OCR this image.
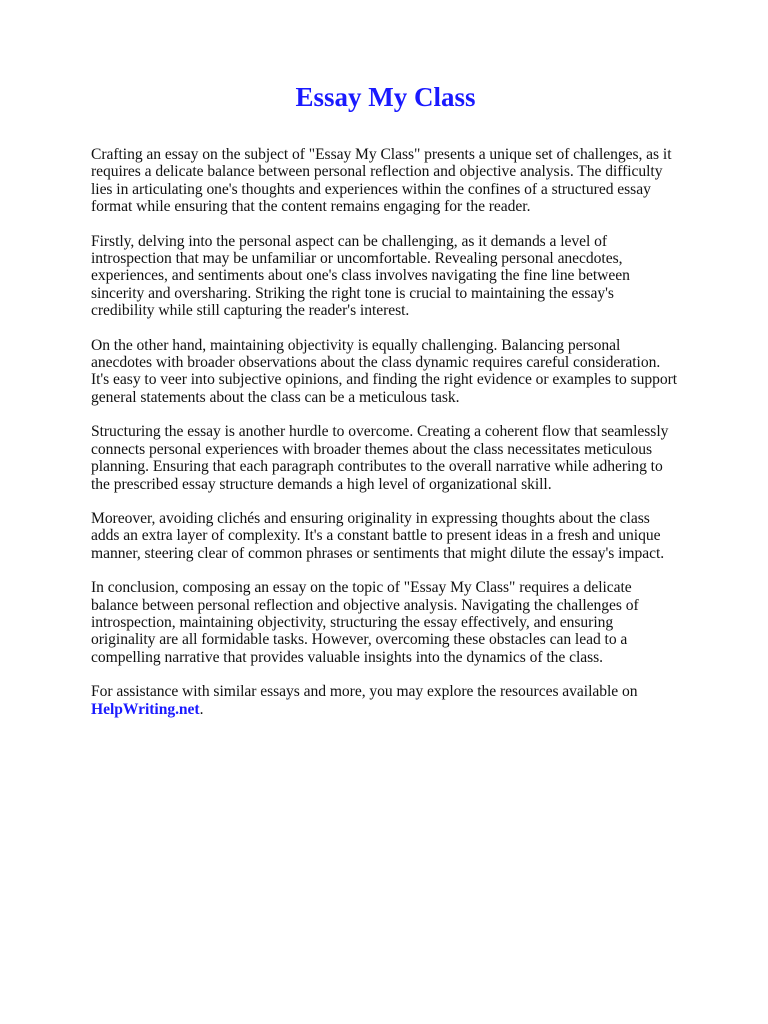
Essay My Class

Crafting an essay on the subject of "Essay My Class" presents a unique set of challenges, as it requires a delicate balance between personal reflection and objective analysis. The difficulty lies in articulating one's thoughts and experiences within the confines of a structured essay format while ensuring that the content remains engaging for the reader.

Firstly, delving into the personal aspect can be challenging, as it demands a level of introspection that may be unfamiliar or uncomfortable. Revealing personal anecdotes, experiences, and sentiments about one's class involves navigating the fine line between sincerity and oversharing. Striking the right tone is crucial to maintaining the essay's credibility while still capturing the reader's interest.

On the other hand, maintaining objectivity is equally challenging. Balancing personal anecdotes with broader observations about the class dynamic requires careful consideration. It's easy to veer into subjective opinions, and finding the right evidence or examples to support general statements about the class can be a meticulous task.

Structuring the essay is another hurdle to overcome. Creating a coherent flow that seamlessly connects personal experiences with broader themes about the class necessitates meticulous planning. Ensuring that each paragraph contributes to the overall narrative while adhering to the prescribed essay structure demands a high level of organizational skill.

Moreover, avoiding clichés and ensuring originality in expressing thoughts about the class adds an extra layer of complexity. It's a constant battle to present ideas in a fresh and unique manner, steering clear of common phrases or sentiments that might dilute the essay's impact.

In conclusion, composing an essay on the topic of "Essay My Class" requires a delicate balance between personal reflection and objective analysis. Navigating the challenges of introspection, maintaining objectivity, structuring the essay effectively, and ensuring originality are all formidable tasks. However, overcoming these obstacles can lead to a compelling narrative that provides valuable insights into the dynamics of the class.

For assistance with similar essays and more, you may explore the resources available on
HelpWriting.net.
